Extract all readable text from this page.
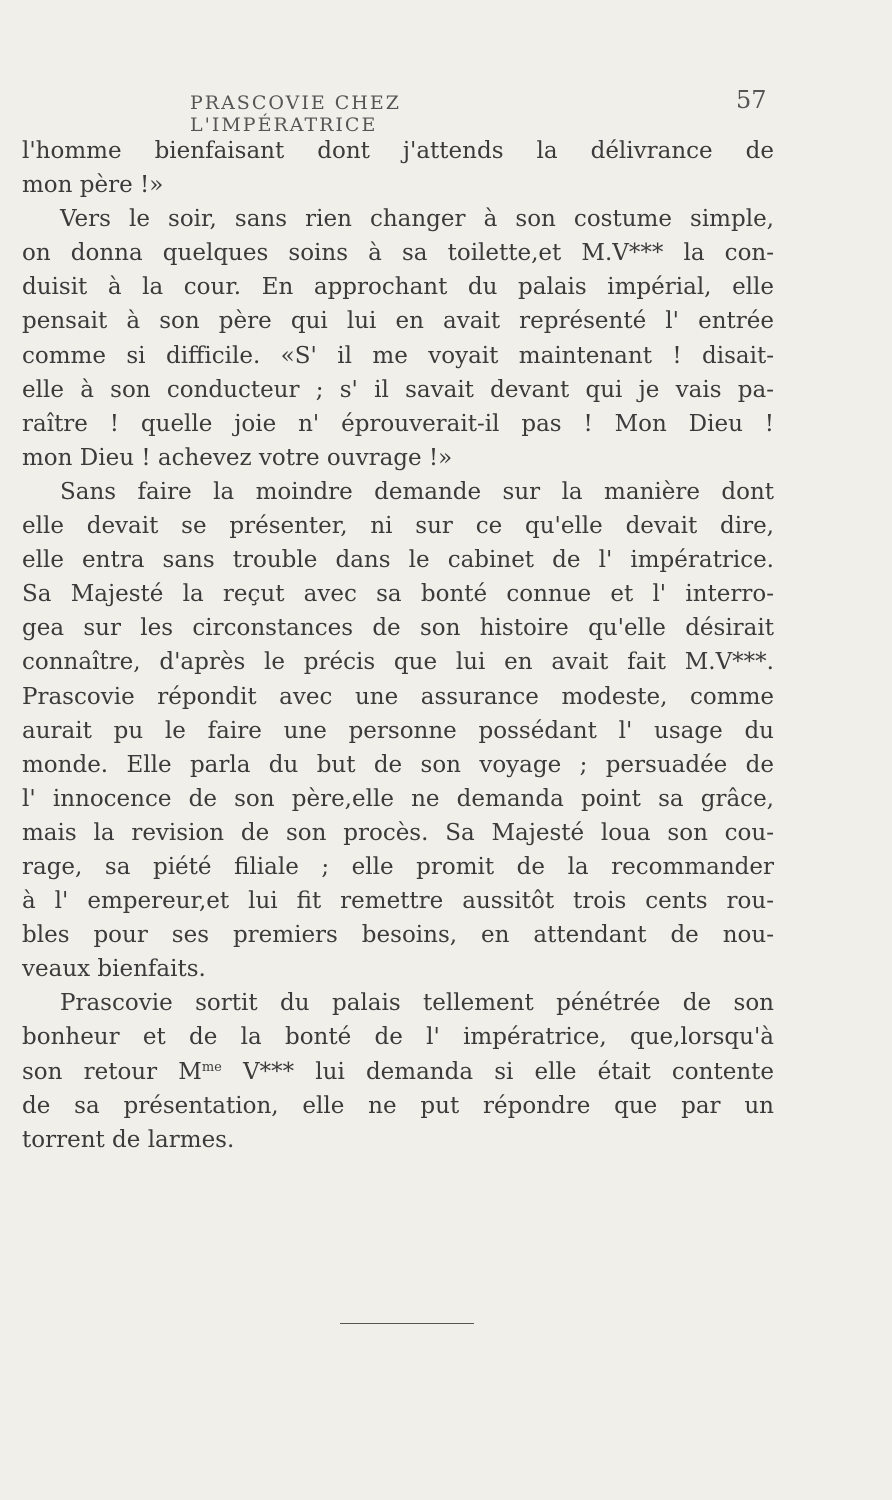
PRASCOVIE CHEZ L'IMPÉRATRICE
57
l'homme bienfaisant dont j'attends la délivrance de
mon père !»
Vers le soir, sans rien changer à son costume simple,
on donna quelques soins à sa toilette,et M.V*** la con-
duisit à la cour. En approchant du palais impérial, elle
pensait à son père qui lui en avait représenté l' entrée
comme si difficile. «S' il me voyait maintenant ! disait-
elle à son conducteur ; s' il savait devant qui je vais pa-
raître ! quelle joie n' éprouverait-il pas ! Mon Dieu !
mon Dieu ! achevez votre ouvrage !»
Sans faire la moindre demande sur la manière dont
elle devait se présenter, ni sur ce qu'elle devait dire,
elle entra sans trouble dans le cabinet de l' impératrice.
Sa Majesté la reçut avec sa bonté connue et l' interro-
gea sur les circonstances de son histoire qu'elle désirait
connaître, d'après le précis que lui en avait fait M.V***.
Prascovie répondit avec une assurance modeste, comme
aurait pu le faire une personne possédant l' usage du
monde. Elle parla du but de son voyage ; persuadée de
l' innocence de son père,elle ne demanda point sa grâce,
mais la revision de son procès. Sa Majesté loua son cou-
rage, sa piété filiale ; elle promit de la recommander
à l' empereur,et lui fit remettre aussitôt trois cents rou-
bles pour ses premiers besoins, en attendant de nou-
veaux bienfaits.
Prascovie sortit du palais tellement pénétrée de son
bonheur et de la bonté de l' impératrice, que,lorsqu'à
son retour $M^{me}$ V*** lui demanda si elle était contente
de sa présentation, elle ne put répondre que par un
torrent de larmes.
